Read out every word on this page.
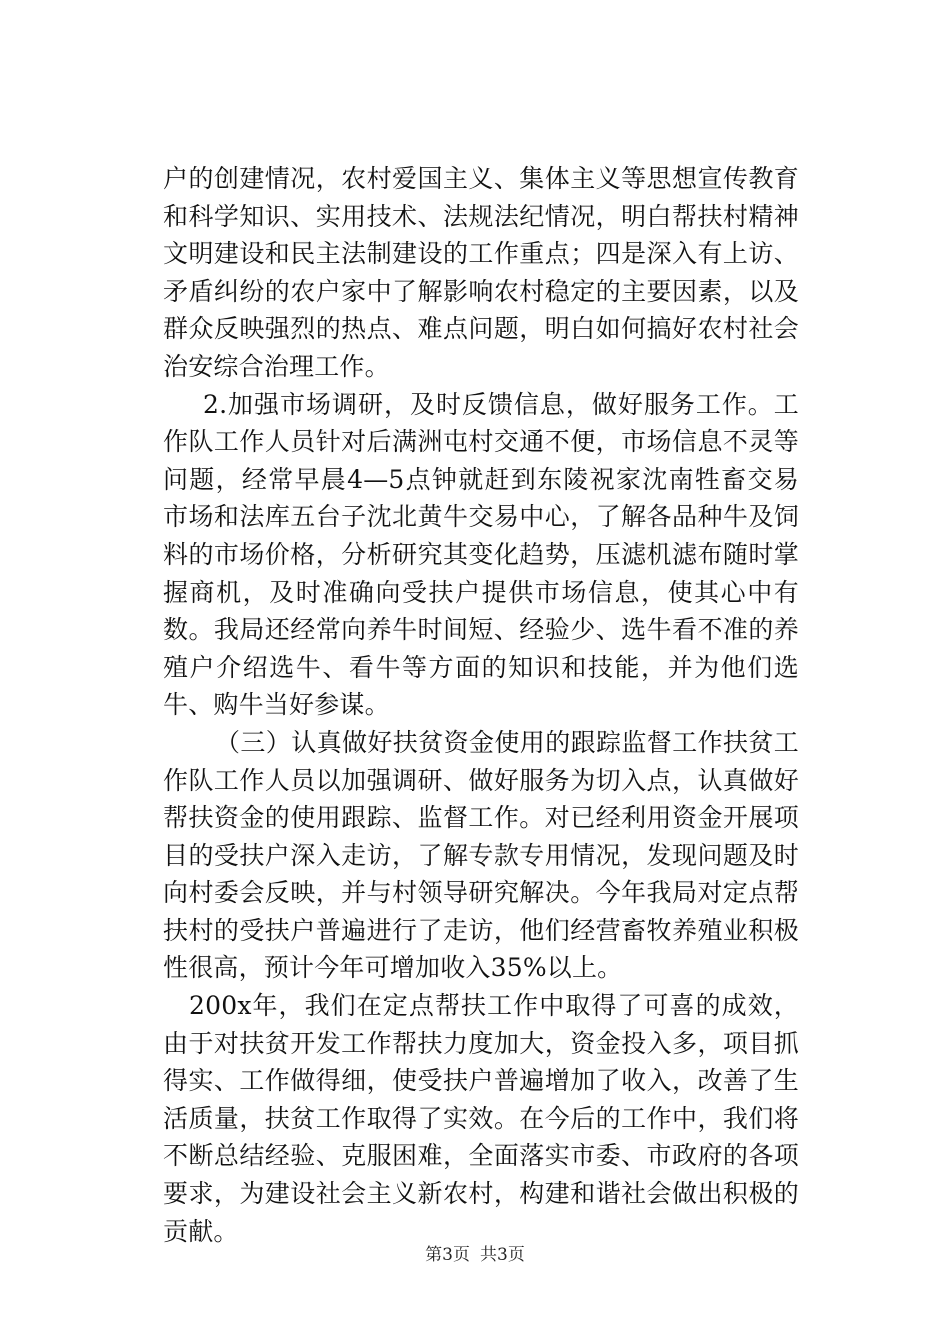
户的创建情况，农村爱国主义、集体主义等思想宣传教育和科学知识、实用技术、法规法纪情况，明白帮扶村精神文明建设和民主法制建设的工作重点；四是深入有上访、矛盾纠纷的农户家中了解影响农村稳定的主要因素，以及群众反映强烈的热点、难点问题，明白如何搞好农村社会治安综合治理工作。

2.加强市场调研，及时反馈信息，做好服务工作。工作队工作人员针对后满洲屯村交通不便，市场信息不灵等问题，经常早晨4—5点钟就赶到东陵祝家沈南牲畜交易市场和法库五台子沈北黄牛交易中心，了解各品种牛及饲料的市场价格，分析研究其变化趋势，压滤机滤布随时掌握商机，及时准确向受扶户提供市场信息，使其心中有数。我局还经常向养牛时间短、经验少、选牛看不准的养殖户介绍选牛、看牛等方面的知识和技能，并为他们选牛、购牛当好参谋。

（三）认真做好扶贫资金使用的跟踪监督工作扶贫工作队工作人员以加强调研、做好服务为切入点，认真做好帮扶资金的使用跟踪、监督工作。对已经利用资金开展项目的受扶户深入走访，了解专款专用情况，发现问题及时向村委会反映，并与村领导研究解决。今年我局对定点帮扶村的受扶户普遍进行了走访，他们经营畜牧养殖业积极性很高，预计今年可增加收入35%以上。

200x年，我们在定点帮扶工作中取得了可喜的成效，由于对扶贫开发工作帮扶力度加大，资金投入多，项目抓得实、工作做得细，使受扶户普遍增加了收入，改善了生活质量，扶贫工作取得了实效。在今后的工作中，我们将不断总结经验、克服困难，全面落实市委、市政府的各项要求，为建设社会主义新农村，构建和谐社会做出积极的贡献。

第3页 共3页
